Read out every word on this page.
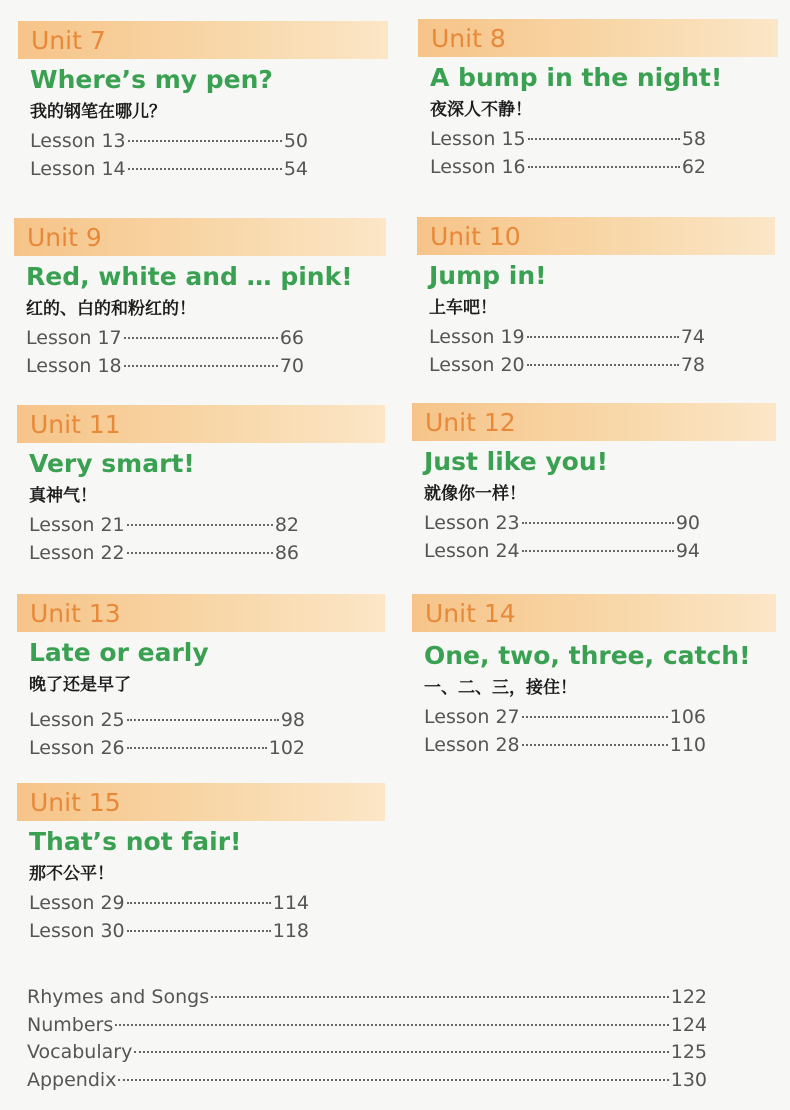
Unit 7
Where’s my pen?
我的钢笔在哪儿？
Lesson 13	50
Lesson 14	54
Unit 8
A bump in the night!
夜深人不静！
Lesson 15	58
Lesson 16	62
Unit 9
Red, white and … pink!
红的、白的和粉红的！
Lesson 17	66
Lesson 18	70
Unit 10
Jump in!
上车吧！
Lesson 19	74
Lesson 20	78
Unit 11
Very smart!
真神气！
Lesson 21	82
Lesson 22	86
Unit 12
Just like you!
就像你一样！
Lesson 23	90
Lesson 24	94
Unit 13
Late or early
晚了还是早了
Lesson 25	98
Lesson 26	102
Unit 14
One, two, three, catch!
一、二、三，接住！
Lesson 27	106
Lesson 28	110
Unit 15
That’s not fair!
那不公平！
Lesson 29	114
Lesson 30	118
Rhymes and Songs	122
Numbers	124
Vocabulary	125
Appendix	130
